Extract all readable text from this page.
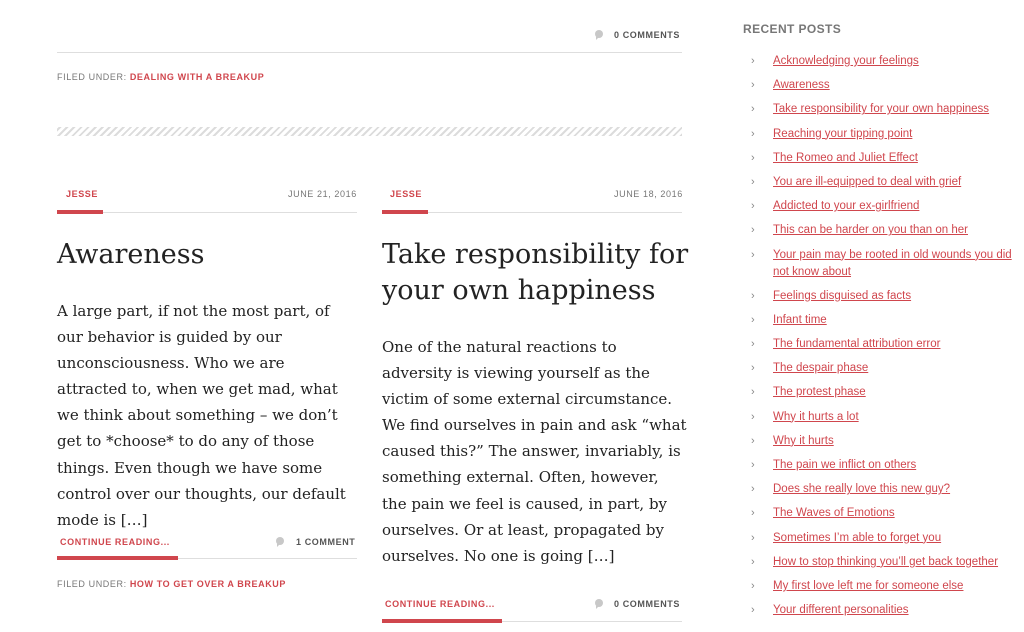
0 COMMENTS
FILED UNDER: DEALING WITH A BREAKUP
JESSE	JUNE 21, 2016
Awareness

A large part, if not the most part, of our behavior is guided by our unconsciousness. Who we are attracted to, when we get mad, what we think about something – we don’t get to *choose* to do any of those things. Even though we have some control over our thoughts, our default mode is […]

CONTINUE READING...	1 COMMENT
FILED UNDER: HOW TO GET OVER A BREAKUP
JESSE	JUNE 18, 2016
Take responsibility for your own happiness

One of the natural reactions to adversity is viewing yourself as the victim of some external circumstance. We find ourselves in pain and ask “what caused this?” The answer, invariably, is something external. Often, however, the pain we feel is caused, in part, by ourselves. Or at least, propagated by ourselves. No one is going […]

CONTINUE READING...	0 COMMENTS
RECENT POSTS
› Acknowledging your feelings
› Awareness
› Take responsibility for your own happiness
› Reaching your tipping point
› The Romeo and Juliet Effect
› You are ill-equipped to deal with grief
› Addicted to your ex-girlfriend
› This can be harder on you than on her
› Your pain may be rooted in old wounds you did not know about
› Feelings disguised as facts
› Infant time
› The fundamental attribution error
› The despair phase
› The protest phase
› Why it hurts a lot
› Why it hurts
› The pain we inflict on others
› Does she really love this new guy?
› The Waves of Emotions
› Sometimes I’m able to forget you
› How to stop thinking you’ll get back together
› My first love left me for someone else
› Your different personalities
